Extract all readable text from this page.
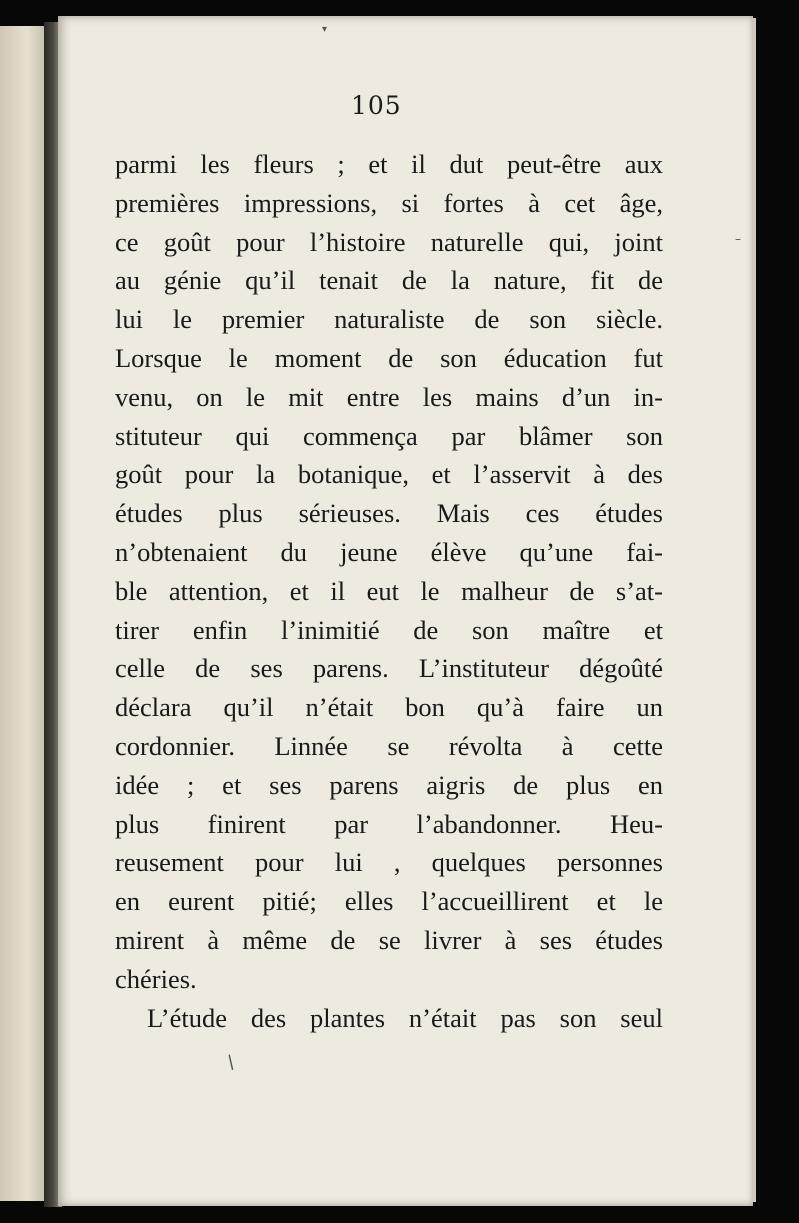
105
parmi les fleurs ; et il dut peut-être aux
premières impressions, si fortes à cet âge,
ce goût pour l’histoire naturelle qui, joint
au génie qu’il tenait de la nature, fit de
lui le premier naturaliste de son siècle.
Lorsque le moment de son éducation fut
venu, on le mit entre les mains d’un in-
stituteur qui commença par blâmer son
goût pour la botanique, et l’asservit à des
études plus sérieuses. Mais ces études
n’obtenaient du jeune élève qu’une fai-
ble attention, et il eut le malheur de s’at-
tirer enfin l’inimitié de son maître et
celle de ses parens. L’instituteur dégoûté
déclara qu’il n’était bon qu’à faire un
cordonnier. Linnée se révolta à cette
idée ; et ses parens aigris de plus en
plus finirent par l’abandonner. Heu-
reusement pour lui , quelques personnes
en eurent pitié; elles l’accueillirent et le
mirent à même de se livrer à ses études
chéries.
L’étude des plantes n’était pas son seul
▾
–
/
